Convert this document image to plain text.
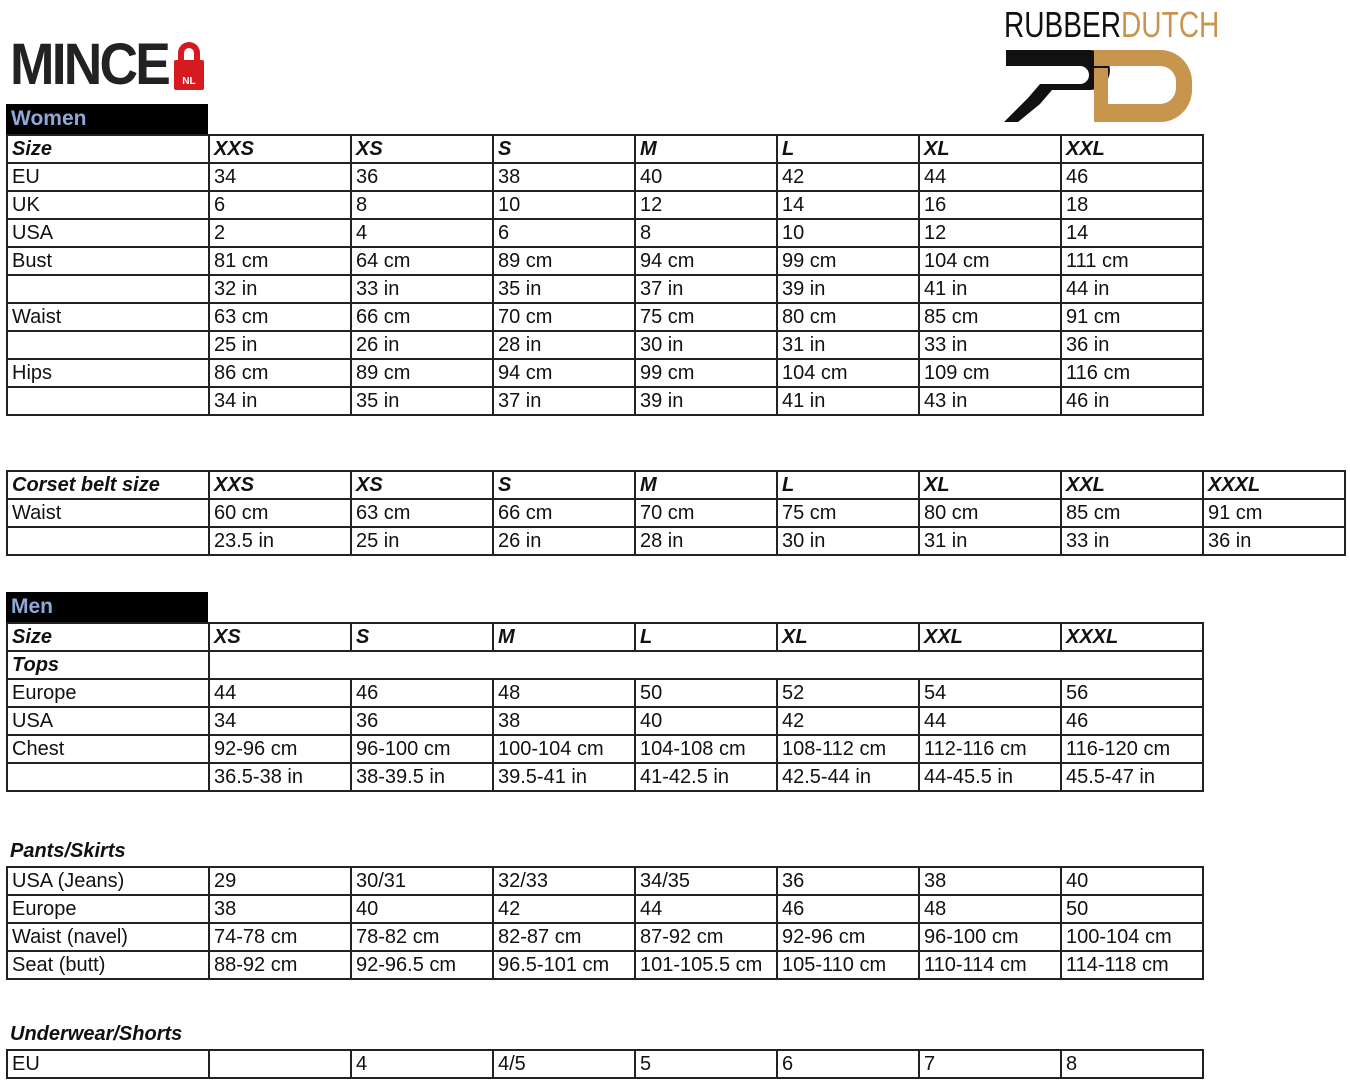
MINCE	NL
RUBBERDUTCH
Women
Size	XXS	XS	S	M	L	XL	XXL
EU	34	36	38	40	42	44	46
UK	6	8	10	12	14	16	18
USA	2	4	6	8	10	12	14
Bust	81 cm	64 cm	89 cm	94 cm	99 cm	104 cm	111 cm
	32 in	33 in	35 in	37 in	39 in	41 in	44 in
Waist	63 cm	66 cm	70 cm	75 cm	80 cm	85 cm	91 cm
	25 in	26 in	28 in	30 in	31 in	33 in	36 in
Hips	86 cm	89 cm	94 cm	99 cm	104 cm	109 cm	116 cm
	34 in	35 in	37 in	39 in	41 in	43 in	46 in
Corset belt size	XXS	XS	S	M	L	XL	XXL	XXXL
Waist	60 cm	63 cm	66 cm	70 cm	75 cm	80 cm	85 cm	91 cm
	23.5 in	25 in	26 in	28 in	30 in	31 in	33 in	36 in
Men
Size	XS	S	M	L	XL	XXL	XXXL
Tops							
Europe	44	46	48	50	52	54	56
USA	34	36	38	40	42	44	46
Chest	92-96 cm	96-100 cm	100-104 cm	104-108 cm	108-112 cm	112-116 cm	116-120 cm
	36.5-38 in	38-39.5 in	39.5-41 in	41-42.5 in	42.5-44 in	44-45.5 in	45.5-47 in
Pants/Skirts
USA (Jeans)	29	30/31	32/33	34/35	36	38	40
Europe	38	40	42	44	46	48	50
Waist (navel)	74-78 cm	78-82 cm	82-87 cm	87-92 cm	92-96 cm	96-100 cm	100-104 cm
Seat (butt)	88-92 cm	92-96.5 cm	96.5-101 cm	101-105.5 cm	105-110 cm	110-114 cm	114-118 cm
Underwear/Shorts
EU		4	4/5	5	6	7	8
